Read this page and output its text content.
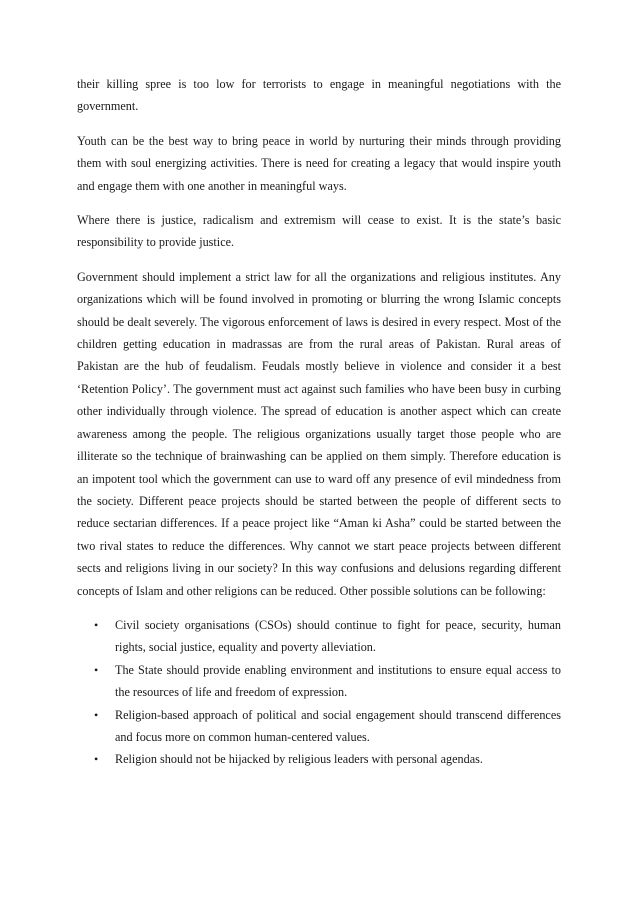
their killing spree is too low for terrorists to engage in meaningful negotiations with the government.

Youth can be the best way to bring peace in world by nurturing their minds through providing them with soul energizing activities. There is need for creating a legacy that would inspire youth and engage them with one another in meaningful ways.

Where there is justice, radicalism and extremism will cease to exist. It is the state’s basic responsibility to provide justice.

Government should implement a strict law for all the organizations and religious institutes. Any organizations which will be found involved in promoting or blurring the wrong Islamic concepts should be dealt severely. The vigorous enforcement of laws is desired in every respect. Most of the children getting education in madrassas are from the rural areas of Pakistan. Rural areas of Pakistan are the hub of feudalism. Feudals mostly believe in violence and consider it a best ‘Retention Policy’. The government must act against such families who have been busy in curbing other individually through violence. The spread of education is another aspect which can create awareness among the people. The religious organizations usually target those people who are illiterate so the technique of brainwashing can be applied on them simply. Therefore education is an impotent tool which the government can use to ward off any presence of evil mindedness from the society. Different peace projects should be started between the people of different sects to reduce sectarian differences. If a peace project like “Aman ki Asha” could be started between the two rival states to reduce the differences. Why cannot we start peace projects between different sects and religions living in our society? In this way confusions and delusions regarding different concepts of Islam and other religions can be reduced. Other possible solutions can be following:

• Civil society organisations (CSOs) should continue to fight for peace, security, human rights, social justice, equality and poverty alleviation.
• The State should provide enabling environment and institutions to ensure equal access to the resources of life and freedom of expression.
• Religion-based approach of political and social engagement should transcend differences and focus more on common human-centered values.
• Religion should not be hijacked by religious leaders with personal agendas.
